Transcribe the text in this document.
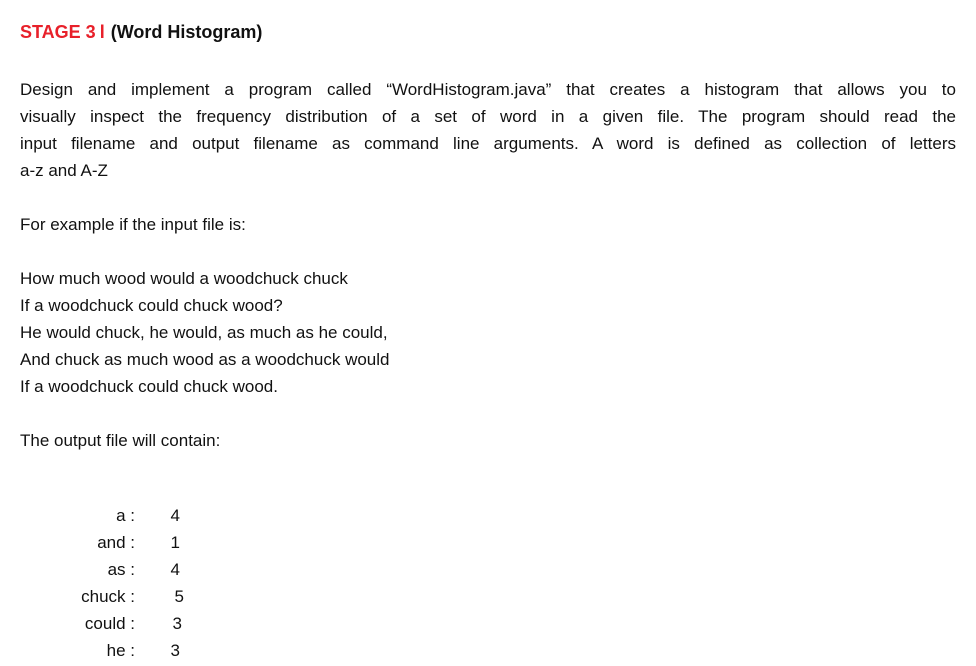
STAGE 3 l (Word Histogram)

Design and implement a program called “WordHistogram.java” that creates a histogram that allows you to
visually inspect the frequency distribution of a set of word in a given file. The program should read the
input filename and output filename as command line arguments. A word is defined as collection of letters
a-z and A-Z

For example if the input file is:

How much wood would a woodchuck chuck
If a woodchuck could chuck wood?
He would chuck, he would, as much as he could,
And chuck as much wood as a woodchuck would
If a woodchuck could chuck wood.

The output file will contain:

a :	4
and :	1
as :	4
chuck :	5
could :	3
he :	3
